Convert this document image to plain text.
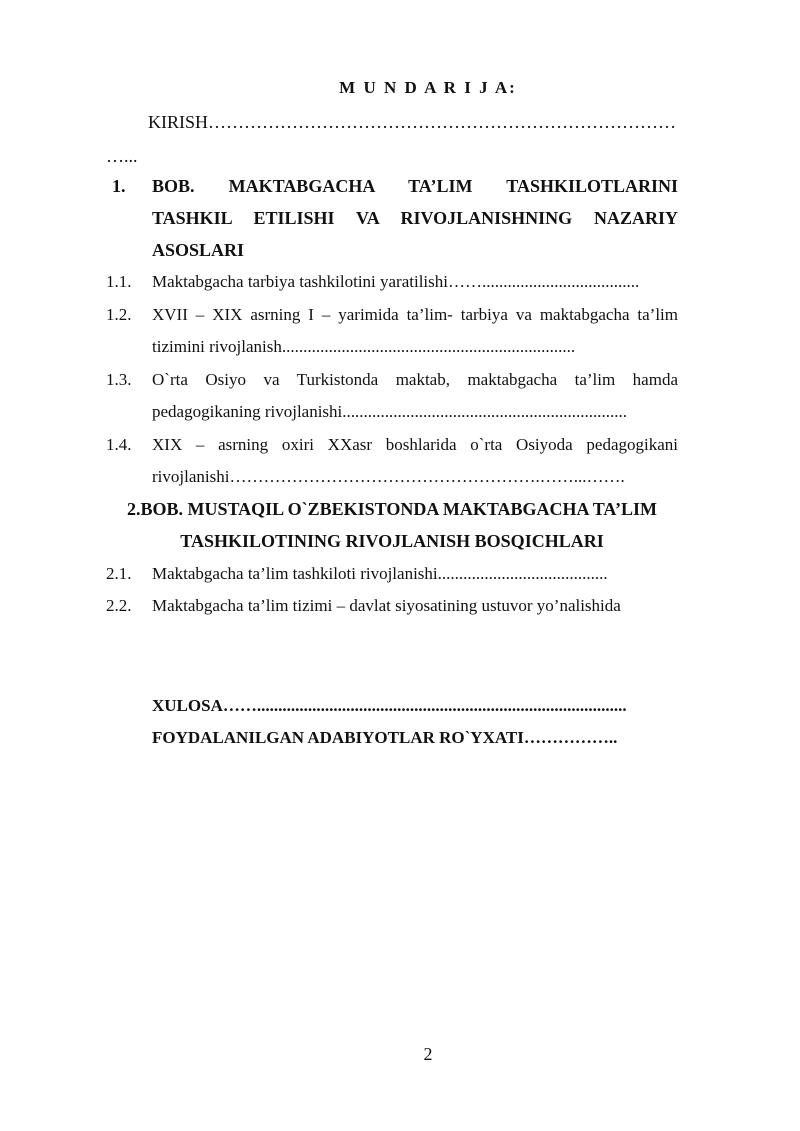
M U N D A R I J A:
KIRISH……………………………………………………………………
…...
1.	BOB. MAKTABGACHA TA’LIM TASHKILOTLARINI
TASHKIL ETILISHI VA RIVOJLANISHNING NAZARIY
ASOSLARI
1.1.	Maktabgacha tarbiya tashkilotini yaratilishi…….....................................
1.2.	XVII – XIX asrning I – yarimida ta’lim- tarbiya va maktabgacha ta’lim tizimini rivojlanish.....................................................................
1.3.	O`rta Osiyo va Turkistonda maktab, maktabgacha ta’lim hamda pedagogikaning rivojlanishi...................................................................
1.4.	XIX – asrning oxiri XXasr boshlarida o`rta Osiyoda pedagogikani rivojlanishi……………………………………………….……...…….
2.BOB. MUSTAQIL O`ZBEKISTONDA MAKTABGACHA TA’LIM
TASHKILOTINING RIVOJLANISH BOSQICHLARI
2.1.	Maktabgacha ta’lim tashkiloti rivojlanishi........................................
2.2.	Maktabgacha ta’lim tizimi – davlat siyosatining ustuvor yo’nalishida
XULOSA…….......................................................................................
FOYDALANILGAN ADABIYOTLAR RO`YXATI……………..
2
